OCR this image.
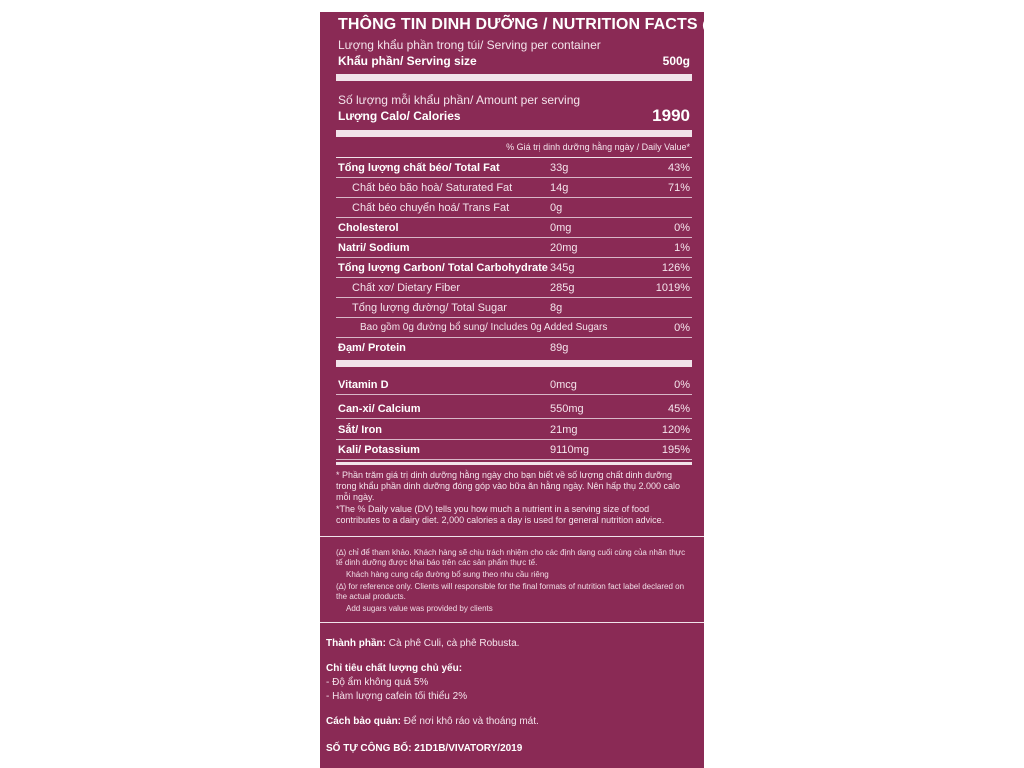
THÔNG TIN DINH DƯỠNG / NUTRITION FACTS (∆)
Lượng khẩu phần trong túi/ Serving per container
Khẩu phần/ Serving size	500g
Số lượng mỗi khẩu phần/ Amount per serving
Lượng Calo/ Calories	1990
% Giá trị dinh dưỡng hằng ngày / Daily Value*
Tổng lượng chất béo/ Total Fat	33g	43%
Chất béo bão hoà/ Saturated Fat	14g	71%
Chất béo chuyển hoá/ Trans Fat	0g
Cholesterol	0mg	0%
Natri/ Sodium	20mg	1%
Tổng lượng Carbon/ Total Carbohydrate 345g	126%
Chất xơ/ Dietary Fiber	285g	1019%
Tổng lượng đường/ Total Sugar	8g
Bao gồm 0g đường bổ sung/ Includes 0g Added Sugars	0%
Đạm/ Protein	89g
Vitamin D	0mcg	0%
Can-xi/ Calcium	550mg	45%
Sắt/ Iron	21mg	120%
Kali/ Potassium	9110mg	195%
* Phần trăm giá trị dinh dưỡng hằng ngày cho bạn biết về số lượng chất dinh dưỡng trong khẩu phần dinh dưỡng đóng góp vào bữa ăn hằng ngày. Nên hấp thụ 2.000 calo mỗi ngày.
*The % Daily value (DV) tells you how much a nutrient in a serving size of food contributes to a dairy diet. 2,000 calories a day is used for general nutrition advice.
(∆) chỉ để tham khảo. Khách hàng sẽ chịu trách nhiệm cho các định dạng cuối cùng của nhãn thực tế dinh dưỡng được khai báo trên các sản phẩm thực tế.
Khách hàng cung cấp đường bổ sung theo nhu cầu riêng
(∆) for reference only. Clients will responsible for the final formats of nutrition fact label declared on the actual products.
Add sugars value was provided by clients
Thành phần: Cà phê Culi, cà phê Robusta.
Chỉ tiêu chất lượng chủ yếu:
- Độ ẩm không quá 5%
- Hàm lượng cafein tối thiểu 2%
Cách bảo quản: Để nơi khô ráo và thoáng mát.
SỐ TỰ CÔNG BỐ: 21D1B/VIVATORY/2019
